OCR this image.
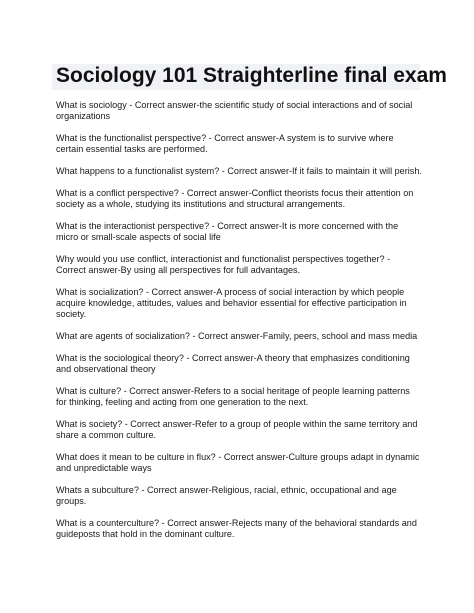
Sociology 101 Straighterline final exam
What is sociology - Correct answer-the scientific study of social interactions and of social organizations
What is the functionalist perspective? - Correct answer-A system is to survive where certain essential tasks are performed.
What happens to a functionalist system? - Correct answer-If it fails to maintain it will perish.
What is a conflict perspective? - Correct answer-Conflict theorists focus their attention on society as a whole, studying its institutions and structural arrangements.
What is the interactionist perspective? - Correct answer-It is more concerned with the micro or small-scale aspects of social life
Why would you use conflict, interactionist and functionalist perspectives together? - Correct answer-By using all perspectives for full advantages.
What is socialization? - Correct answer-A process of social interaction by which people acquire knowledge, attitudes, values and behavior essential for effective participation in society.
What are agents of socialization? - Correct answer-Family, peers, school and mass media
What is the sociological theory? - Correct answer-A theory that emphasizes conditioning and observational theory
What is culture? - Correct answer-Refers to a social heritage of people learning patterns for thinking, feeling and acting from one generation to the next.
What is society? - Correct answer-Refer to a group of people within the same territory and share a common culture.
What does it mean to be culture in flux? - Correct answer-Culture groups adapt in dynamic and unpredictable ways
Whats a subculture? - Correct answer-Religious, racial, ethnic, occupational and age groups.
What is a counterculture? - Correct answer-Rejects many of the behavioral standards and guideposts that hold in the dominant culture.
